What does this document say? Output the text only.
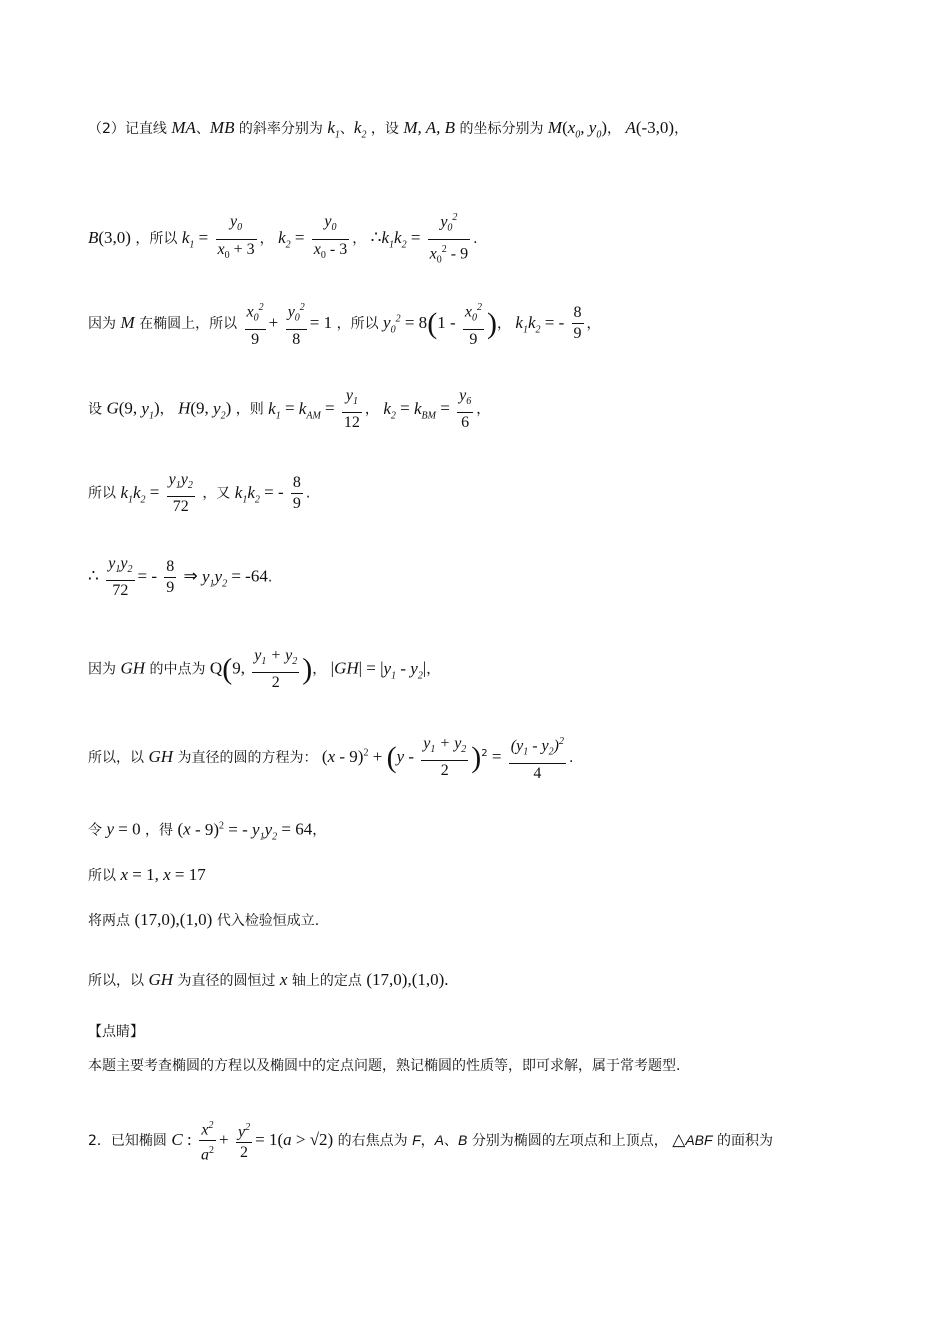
（2）记直线 MA、MB 的斜率分别为 $k_1$、$k_2$ ，设 M, A, B 的坐标分别为 $M(x_0$, $y_0$)， A(-3,0)，
B(3,0) ，所以 $k_1 = \frac{y_0}{x_0 + 3}$ ， $k_2 = \frac{y_0}{x_0 - 3}$ ， $\therefore k_1k_2 = \frac{y_0^2}{x_0^2 - 9}$ .
因为 M 在椭圆上，所以 $\frac{x_0^2}{9} + \frac{y_0^2}{8} = 1$ ，所以 $y_0^2 = 8(1 - \frac{x_0^2}{9}$ )， $k_1k_2$ = - $\frac{8}{9}$ ，
设 G(9, $y_1$)， H(9, $y_2$) ，则 $k_1 = k_{AM} = \frac{y_1}{12}$ ， $k_2 = k_{BM} = \frac{y_6}{6}$ ，
所以 $k_1k_2 = \frac{y_1y_2}{72}$ ，又 $k_1k_2$ = - $\frac{8}{9}$ .
∴ $\frac{y_1y_2}{72}$ = - $\frac{8}{9}$ ⇒ $y_1y_2 = -64$.
因为 GH 的中点为 Q(9, $\frac{y_1 + y_2}{2}$ )， $|GH| = |y_1 - y_2|$，
所以，以 GH 为直径的圆的方程为： $(x - 9)^2 + (y - \frac{y_1 + y_2}{2} )^2 = \frac{(y_1 - y_2)^2}{4}$ .
令 y = 0 ，得 (x - 9)$^2$ = - $y_1y_2 = 64$，
所以 x = 1, x = 17
将两点 (17,0),(1,0) 代入检验恒成立.
所以，以 GH 为直径的圆恒过 x 轴上的定点 (17,0),(1,0).
【点睛】
本题主要考查椭圆的方程以及椭圆中的定点问题，熟记椭圆的性质等，即可求解，属于常考题型.
2．已知椭圆 C : $\frac{x^2}{a^2} + \frac{y^2}{2} = 1(a > √2)$ 的右焦点为 F，A、B 分别为椭圆的左项点和上顶点， △ABF 的面积为
